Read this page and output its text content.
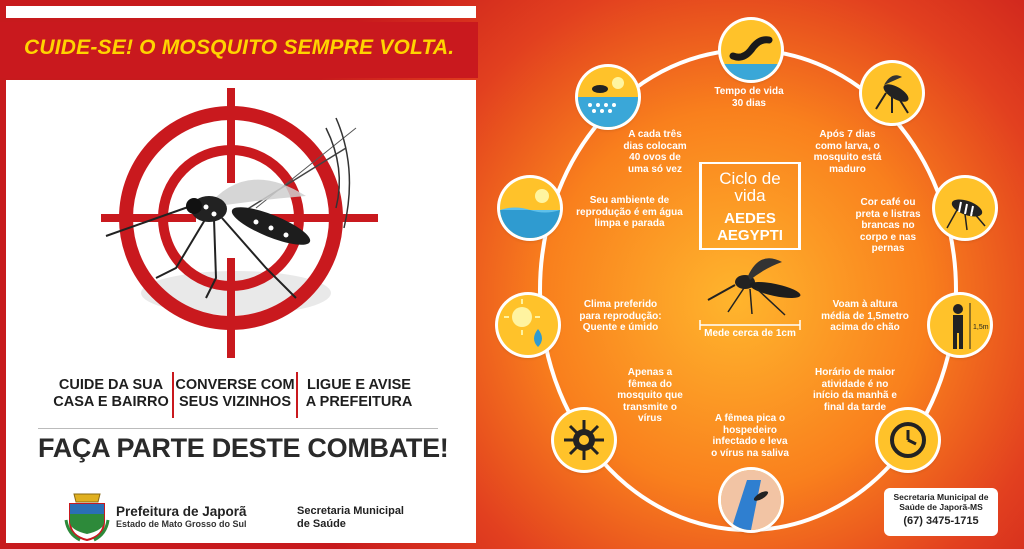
CUIDE-SE! O MOSQUITO SEMPRE VOLTA.
CUIDE DA SUA
CASA E BAIRRO
CONVERSE COM
SEUS VIZINHOS
LIGUE E AVISE
A PREFEITURA
FAÇA PARTE DESTE COMBATE!
Prefeitura de Japorã
Estado de Mato Grosso do Sul
Secretaria Municipal
de Saúde
Ciclo de
vida
AEDES
AEGYPTI
1,5m
Tempo de vida
30 dias
A cada três
dias colocam
40 ovos de
uma só vez
Após 7 dias
como larva, o
mosquito está
maduro
Seu ambiente de
reprodução é em água
limpa e parada
Cor café ou
preta e listras
brancas no
corpo e nas
pernas
Clima preferido
para reprodução:
Quente e úmido
Voam à altura
média de 1,5metro
acima do chão
Mede cerca de 1cm
Apenas a
fêmea do
mosquito que
transmite o
vírus
Horário de maior
atividade é no
início da manhã e
final da tarde
A fêmea pica o
hospedeiro
infectado e leva
o vírus na saliva
Secretaria Municipal de
Saúde de Japorã-MS
(67) 3475-1715
